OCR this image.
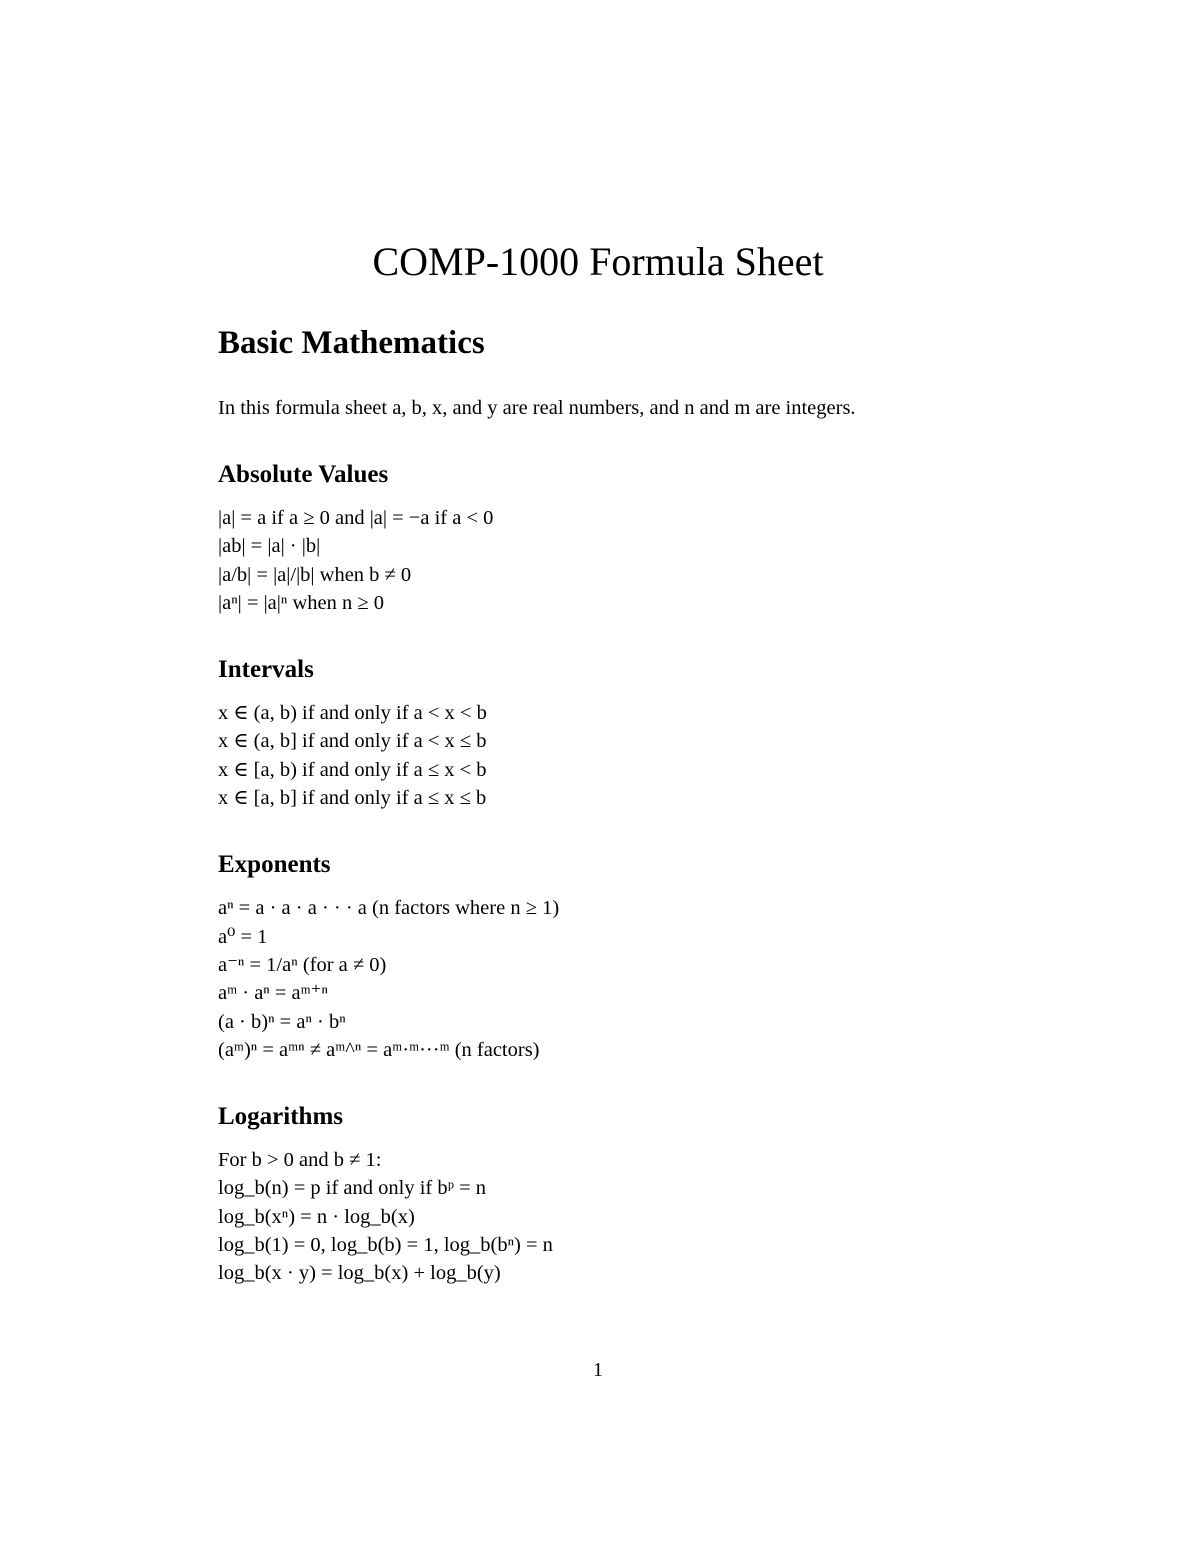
COMP-1000 Formula Sheet
Basic Mathematics

In this formula sheet a, b, x, and y are real numbers, and n and m are integers.

Absolute Values
|a| = a if a ≥ 0 and |a| = −a if a < 0
|ab| = |a| · |b|
|a/b| = |a|/|b| when b ≠ 0
|aⁿ| = |a|ⁿ when n ≥ 0
Intervals
x ∈ (a, b) if and only if a < x < b
x ∈ (a, b] if and only if a < x ≤ b
x ∈ [a, b) if and only if a ≤ x < b
x ∈ [a, b] if and only if a ≤ x ≤ b
Exponents
aⁿ = a · a · a · · · a (n factors where n ≥ 1)
a⁰ = 1
a⁻ⁿ = 1/aⁿ (for a ≠ 0)
aᵐ · aⁿ = aᵐ⁺ⁿ
(a · b)ⁿ = aⁿ · bⁿ
(aᵐ)ⁿ = aᵐⁿ ≠ aᵐ^ⁿ = aᵐ·ᵐ···ᵐ (n factors)
Logarithms
For b > 0 and b ≠ 1:
log_b(n) = p if and only if bᵖ = n
log_b(xⁿ) = n · log_b(x)
log_b(1) = 0, log_b(b) = 1, log_b(bⁿ) = n
log_b(x · y) = log_b(x) + log_b(y)
1
